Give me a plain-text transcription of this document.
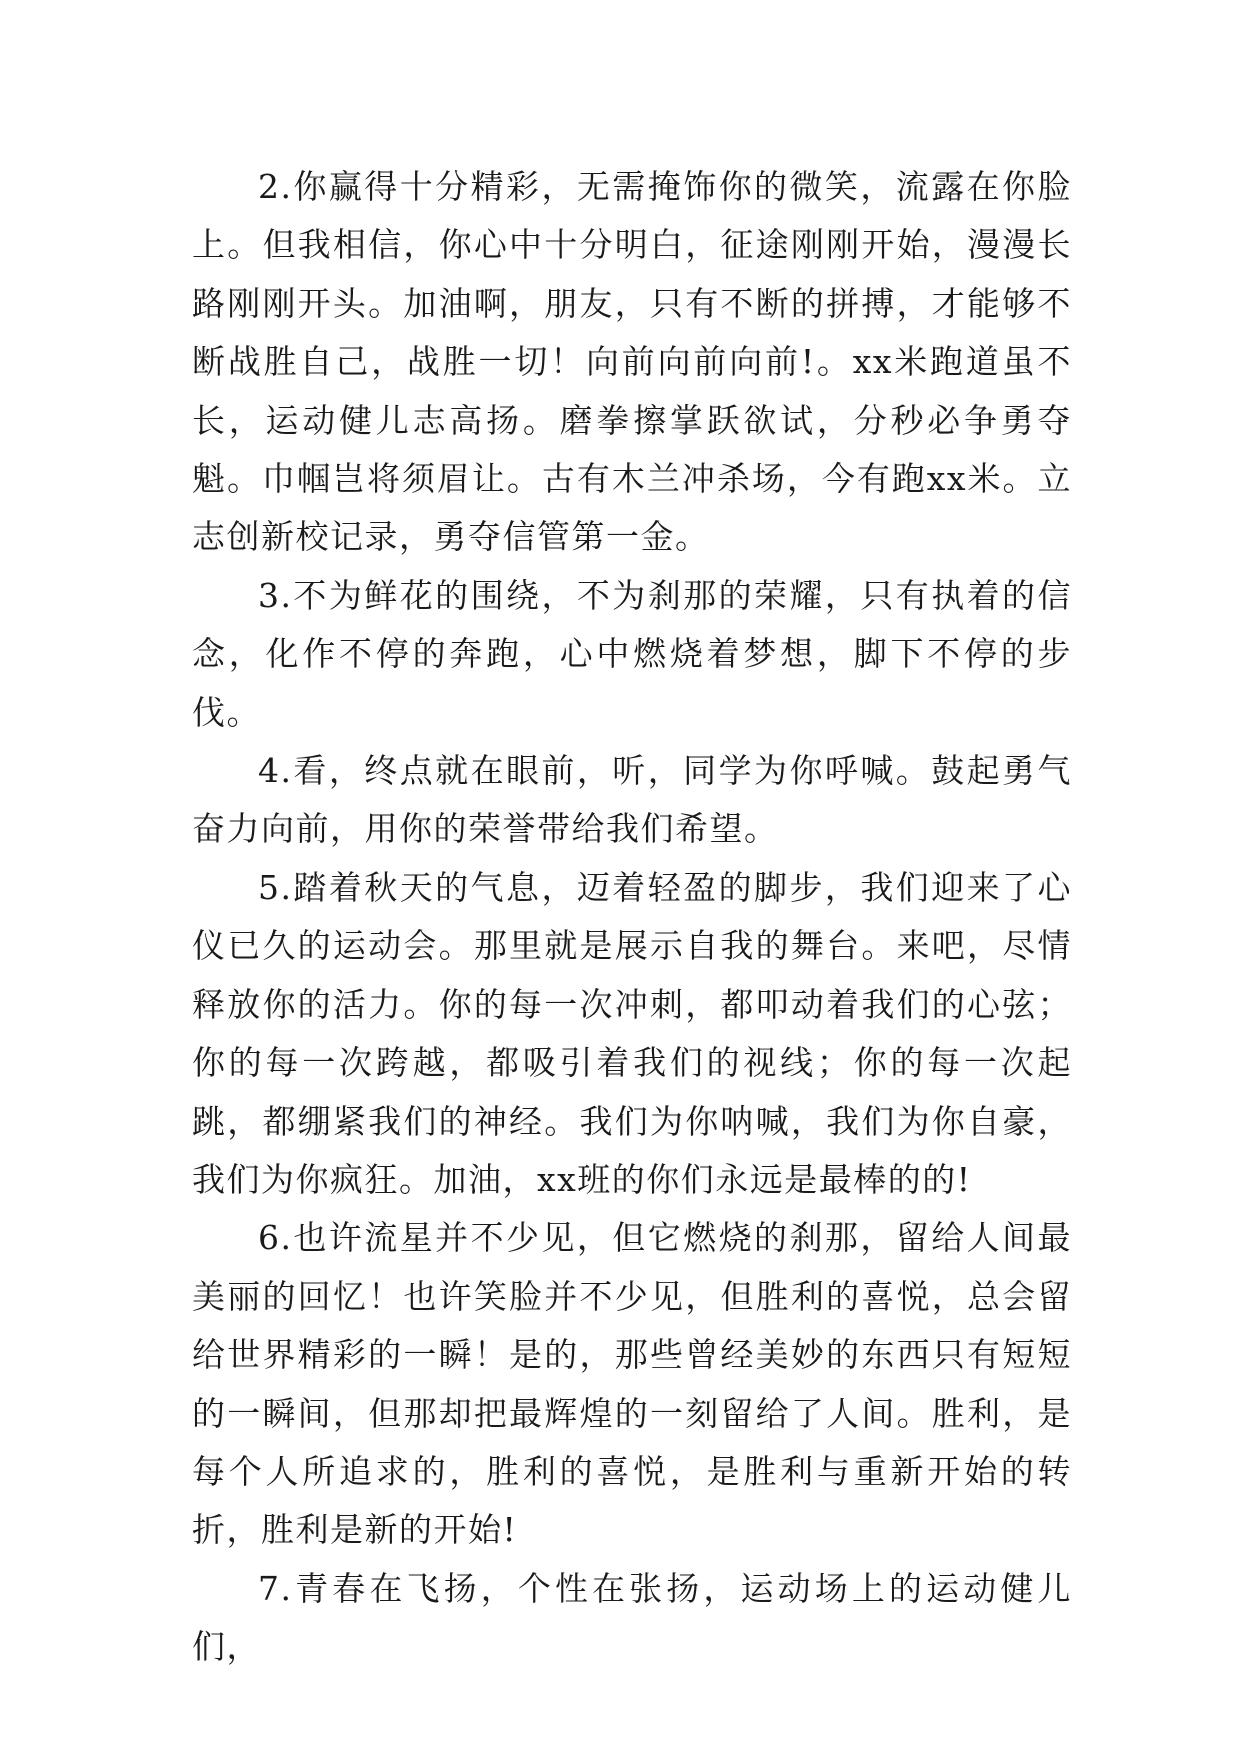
2.你赢得十分精彩，无需掩饰你的微笑，流露在你脸上。但我相信，你心中十分明白，征途刚刚开始，漫漫长路刚刚开头。加油啊，朋友，只有不断的拼搏，才能够不断战胜自己，战胜一切！向前向前向前!。xx米跑道虽不长，运动健儿志高扬。磨拳擦掌跃欲试，分秒必争勇夺魁。巾帼岂将须眉让。古有木兰冲杀场，今有跑xx米。立志创新校记录，勇夺信管第一金。

3.不为鲜花的围绕，不为刹那的荣耀，只有执着的信念，化作不停的奔跑，心中燃烧着梦想，脚下不停的步伐。

4.看，终点就在眼前，听，同学为你呼喊。鼓起勇气奋力向前，用你的荣誉带给我们希望。

5.踏着秋天的气息，迈着轻盈的脚步，我们迎来了心仪已久的运动会。那里就是展示自我的舞台。来吧，尽情释放你的活力。你的每一次冲刺，都叩动着我们的心弦；你的每一次跨越，都吸引着我们的视线；你的每一次起跳，都绷紧我们的神经。我们为你呐喊，我们为你自豪，我们为你疯狂。加油，xx班的你们永远是最棒的的!

6.也许流星并不少见，但它燃烧的刹那，留给人间最美丽的回忆！也许笑脸并不少见，但胜利的喜悦，总会留给世界精彩的一瞬！是的，那些曾经美妙的东西只有短短的一瞬间，但那却把最辉煌的一刻留给了人间。胜利，是每个人所追求的，胜利的喜悦，是胜利与重新开始的转折，胜利是新的开始!

7.青春在飞扬，个性在张扬，运动场上的运动健儿们，
